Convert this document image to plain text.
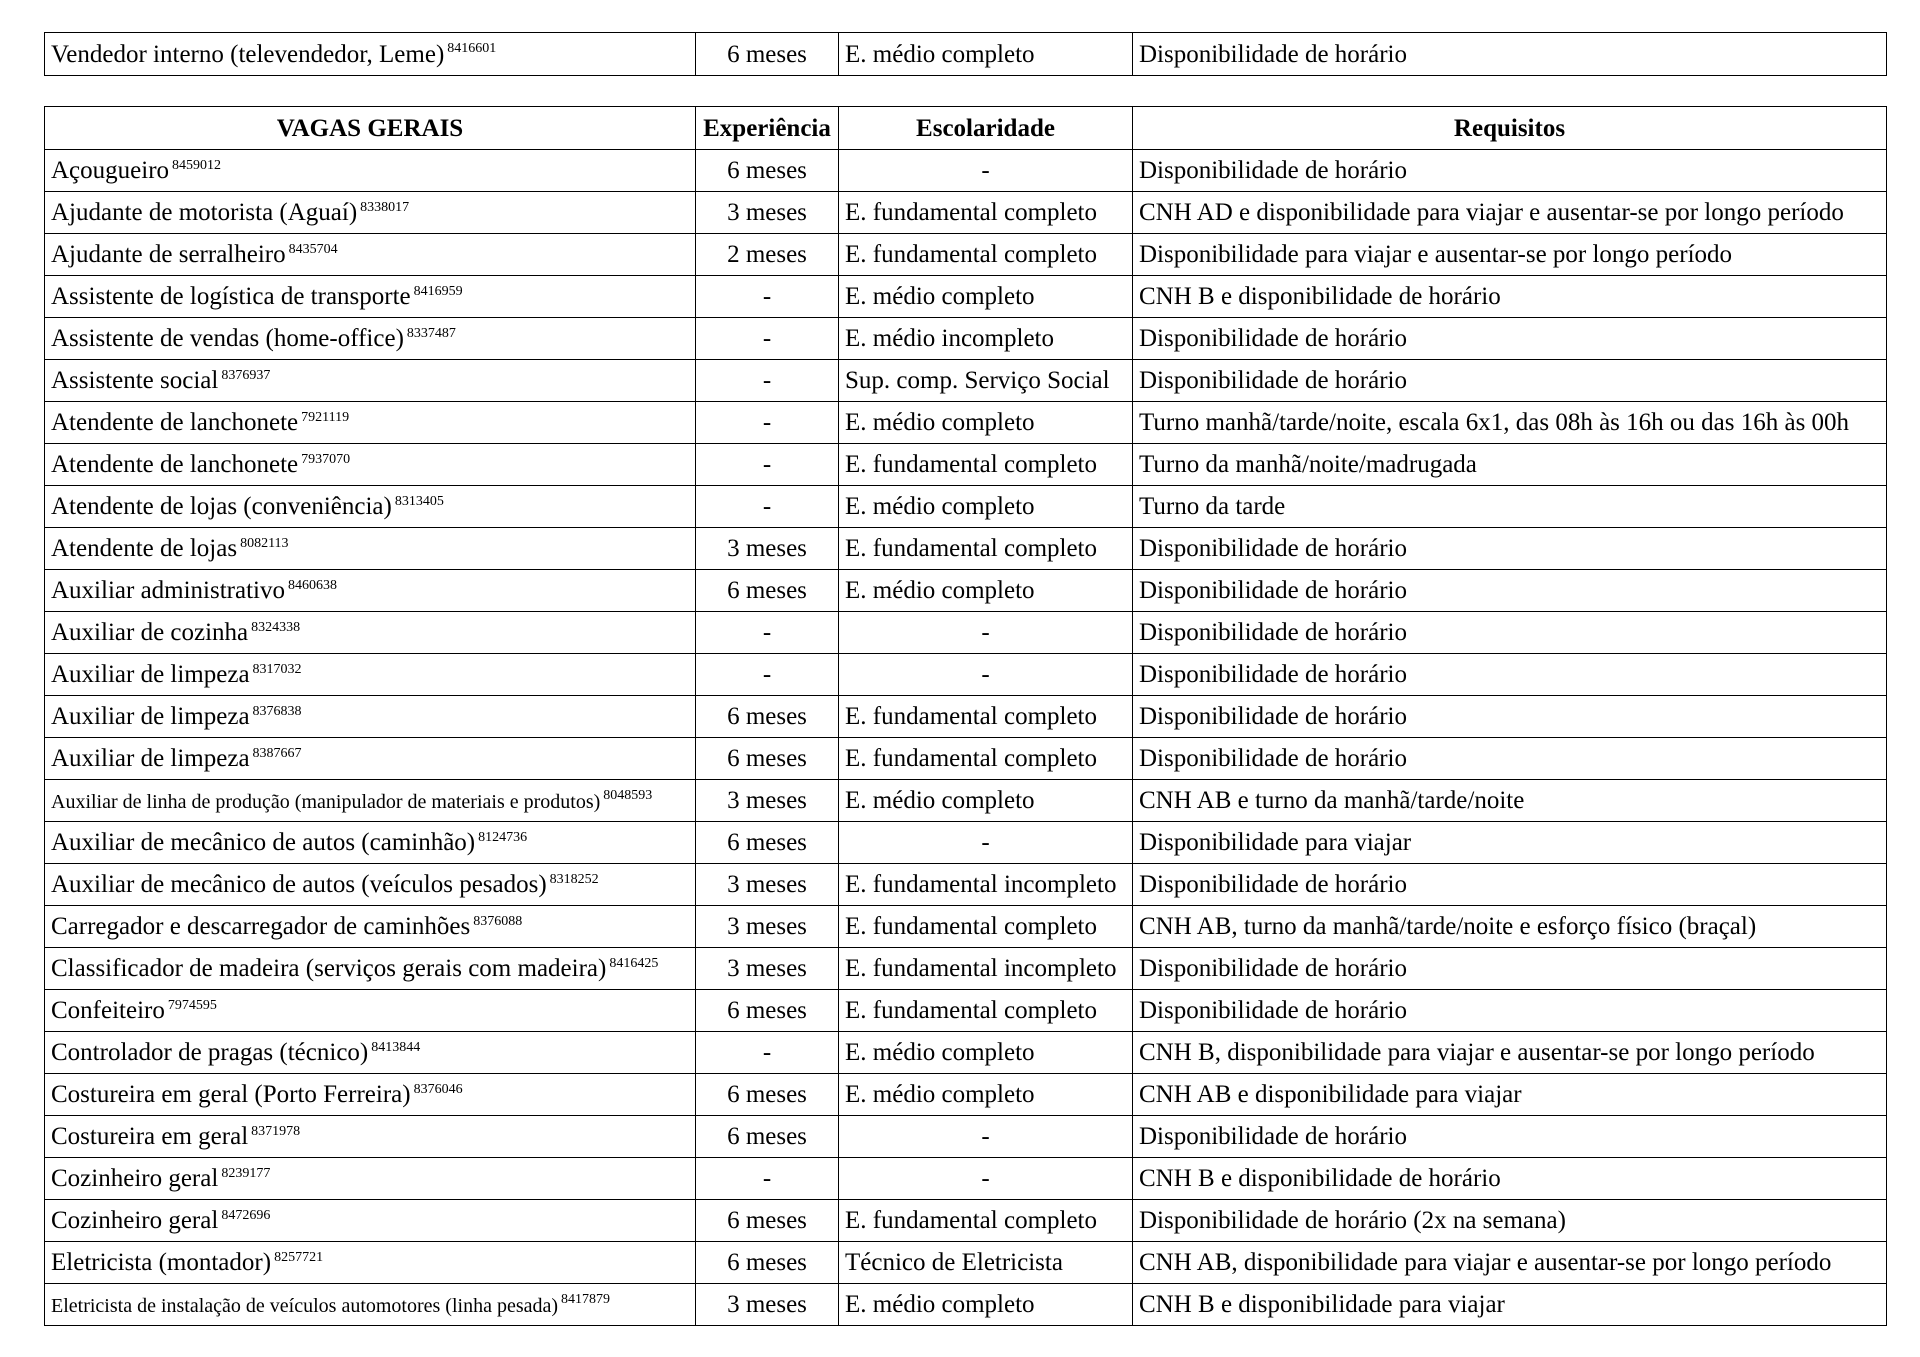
Vendedor interno (televendedor, Leme) $^{8416601}$	6 meses	E. médio completo	Disponibilidade de horário
VAGAS GERAIS	Experiência	Escolaridade	Requisitos
Açougueiro $^{8459012}$	6 meses	-	Disponibilidade de horário
Ajudante de motorista (Aguaí) $^{8338017}$	3 meses	E. fundamental completo	CNH AD e disponibilidade para viajar e ausentar-se por longo período
Ajudante de serralheiro $^{8435704}$	2 meses	E. fundamental completo	Disponibilidade para viajar e ausentar-se por longo período
Assistente de logística de transporte $^{8416959}$	-	E. médio completo	CNH B e disponibilidade de horário
Assistente de vendas (home-office) $^{8337487}$	-	E. médio incompleto	Disponibilidade de horário
Assistente social $^{8376937}$	-	Sup. comp. Serviço Social	Disponibilidade de horário
Atendente de lanchonete $^{7921119}$	-	E. médio completo	Turno manhã/tarde/noite, escala 6x1, das 08h às 16h ou das 16h às 00h
Atendente de lanchonete $^{7937070}$	-	E. fundamental completo	Turno da manhã/noite/madrugada
Atendente de lojas (conveniência) $^{8313405}$	-	E. médio completo	Turno da tarde
Atendente de lojas $^{8082113}$	3 meses	E. fundamental completo	Disponibilidade de horário
Auxiliar administrativo $^{8460638}$	6 meses	E. médio completo	Disponibilidade de horário
Auxiliar de cozinha $^{8324338}$	-	-	Disponibilidade de horário
Auxiliar de limpeza $^{8317032}$	-	-	Disponibilidade de horário
Auxiliar de limpeza $^{8376838}$	6 meses	E. fundamental completo	Disponibilidade de horário
Auxiliar de limpeza $^{8387667}$	6 meses	E. fundamental completo	Disponibilidade de horário
Auxiliar de linha de produção (manipulador de materiais e produtos) $^{8048593}$	3 meses	E. médio completo	CNH AB e turno da manhã/tarde/noite
Auxiliar de mecânico de autos (caminhão) $^{8124736}$	6 meses	-	Disponibilidade para viajar
Auxiliar de mecânico de autos (veículos pesados) $^{8318252}$	3 meses	E. fundamental incompleto	Disponibilidade de horário
Carregador e descarregador de caminhões $^{8376088}$	3 meses	E. fundamental completo	CNH AB, turno da manhã/tarde/noite e esforço físico (braçal)
Classificador de madeira (serviços gerais com madeira) $^{8416425}$	3 meses	E. fundamental incompleto	Disponibilidade de horário
Confeiteiro $^{7974595}$	6 meses	E. fundamental completo	Disponibilidade de horário
Controlador de pragas (técnico) $^{8413844}$	-	E. médio completo	CNH B, disponibilidade para viajar e ausentar-se por longo período
Costureira em geral (Porto Ferreira) $^{8376046}$	6 meses	E. médio completo	CNH AB e disponibilidade para viajar
Costureira em geral $^{8371978}$	6 meses	-	Disponibilidade de horário
Cozinheiro geral $^{8239177}$	-	-	CNH B e disponibilidade de horário
Cozinheiro geral $^{8472696}$	6 meses	E. fundamental completo	Disponibilidade de horário (2x na semana)
Eletricista (montador) $^{8257721}$	6 meses	Técnico de Eletricista	CNH AB, disponibilidade para viajar e ausentar-se por longo período
Eletricista de instalação de veículos automotores (linha pesada) $^{8417879}$	3 meses	E. médio completo	CNH B e disponibilidade para viajar
